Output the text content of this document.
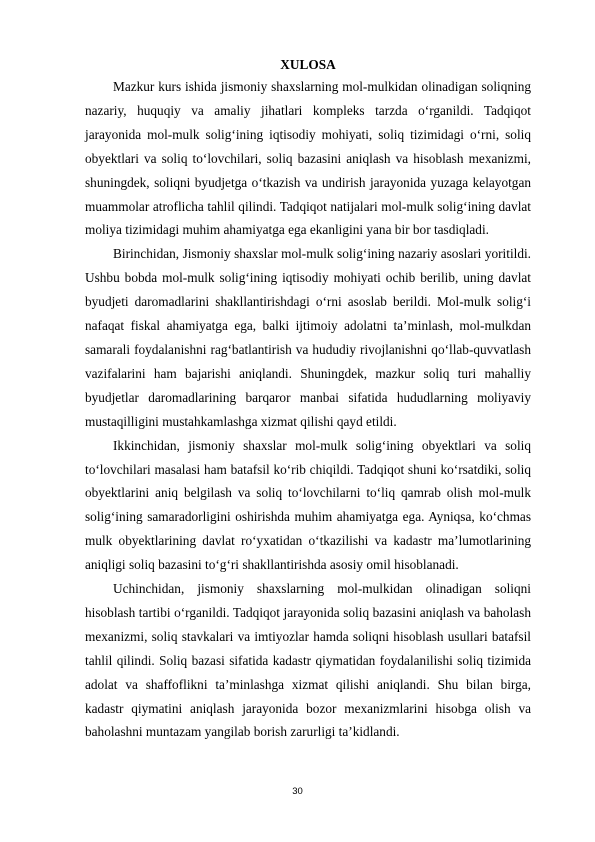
XULOSA

Mazkur kurs ishida jismoniy shaxslarning mol-mulkidan olinadigan soliqning nazariy, huquqiy va amaliy jihatlari kompleks tarzda o‘rganildi. Tadqiqot jarayonida mol-mulk solig‘ining iqtisodiy mohiyati, soliq tizimidagi o‘rni, soliq obyektlari va soliq to‘lovchilari, soliq bazasini aniqlash va hisoblash mexanizmi, shuningdek, soliqni byudjetga o‘tkazish va undirish jarayonida yuzaga kelayotgan muammolar atroflicha tahlil qilindi. Tadqiqot natijalari mol-mulk solig‘ining davlat moliya tizimidagi muhim ahamiyatga ega ekanligini yana bir bor tasdiqladi.

Birinchidan, Jismoniy shaxslar mol-mulk solig‘ining nazariy asoslari yoritildi. Ushbu bobda mol-mulk solig‘ining iqtisodiy mohiyati ochib berilib, uning davlat byudjeti daromadlarini shakllantirishdagi o‘rni asoslab berildi. Mol-mulk solig‘i nafaqat fiskal ahamiyatga ega, balki ijtimoiy adolatni ta’minlash, mol-mulkdan samarali foydalanishni rag‘batlantirish va hududiy rivojlanishni qo‘llab-quvvatlash vazifalarini ham bajarishi aniqlandi. Shuningdek, mazkur soliq turi mahalliy byudjetlar daromadlarining barqaror manbai sifatida hududlarning moliyaviy mustaqilligini mustahkamlashga xizmat qilishi qayd etildi.

Ikkinchidan, jismoniy shaxslar mol-mulk solig‘ining obyektlari va soliq to‘lovchilari masalasi ham batafsil ko‘rib chiqildi. Tadqiqot shuni ko‘rsatdiki, soliq obyektlarini aniq belgilash va soliq to‘lovchilarni to‘liq qamrab olish mol-mulk solig‘ining samaradorligini oshirishda muhim ahamiyatga ega. Ayniqsa, ko‘chmas mulk obyektlarining davlat ro‘yxatidan o‘tkazilishi va kadastr ma’lumotlarining aniqligi soliq bazasini to‘g‘ri shakllantirishda asosiy omil hisoblanadi.

Uchinchidan, jismoniy shaxslarning mol-mulkidan olinadigan soliqni hisoblash tartibi o‘rganildi. Tadqiqot jarayonida soliq bazasini aniqlash va baholash mexanizmi, soliq stavkalari va imtiyozlar hamda soliqni hisoblash usullari batafsil tahlil qilindi. Soliq bazasi sifatida kadastr qiymatidan foydalanilishi soliq tizimida adolat va shaffoflikni ta’minlashga xizmat qilishi aniqlandi. Shu bilan birga, kadastr qiymatini aniqlash jarayonida bozor mexanizmlarini hisobga olish va baholashni muntazam yangilab borish zarurligi ta’kidlandi.

30
